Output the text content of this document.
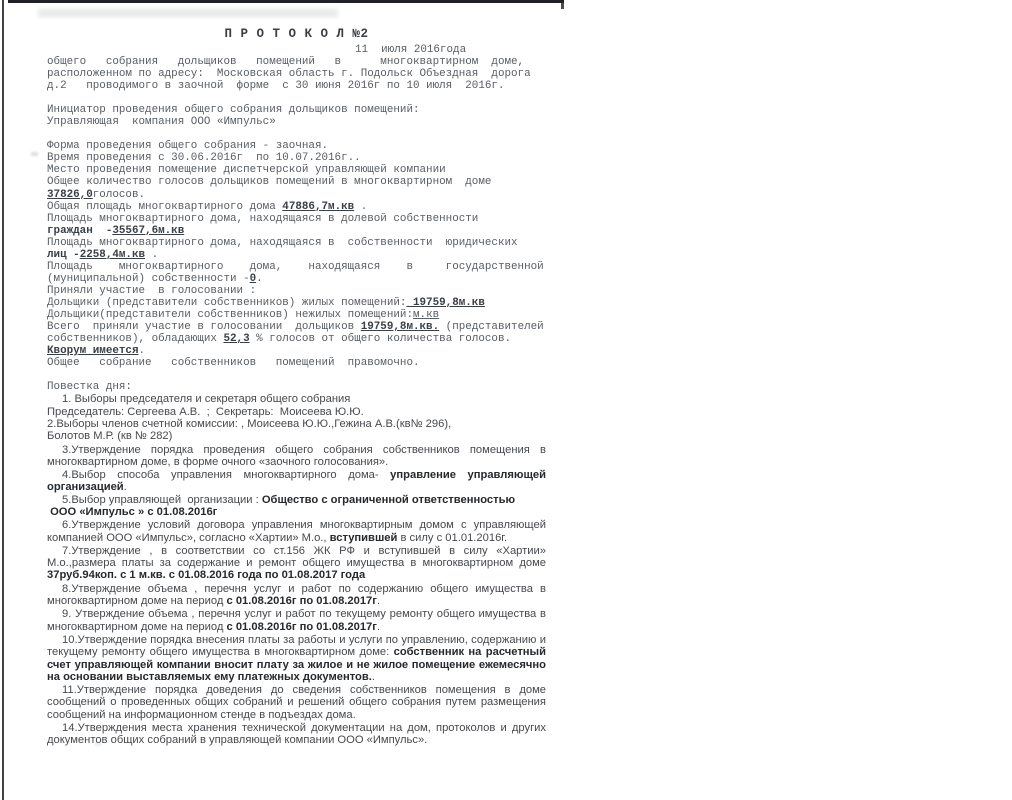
П Р О Т О К О Л №2
11  июля 2016года
общего   собрания   дольщиков   помещений   в      многоквартирном  доме,
расположенном по адресу:  Московская область г. Подольск Объездная  дорога
д.2   проводимого в заочной  форме  с 30 июня 2016г по 10 июля  2016г.
Инициатор проведения общего собрания дольщиков помещений:
Управляющая  компания ООО «Импульс»
Форма проведения общего собрания - заочная.
Время проведения с 30.06.2016г  по 10.07.2016г..
Место проведения помещение диспетчерской управляющей компании
Общее количество голосов дольщиков помещений в многоквартирном  доме
37826,0голосов.
Общая площадь многоквартирного дома 47886,7м.кв .
Площадь многоквартирного дома, находящаяся в долевой собственности
граждан  -35567,6м.кв
Площадь многоквартирного дома, находящаяся в  собственности  юридических
лиц -2258,4м.кв .
Площадь    многоквартирного    дома,    находящаяся    в     государственной
(муниципальной) собственности -0.
Приняли участие  в голосовании :
Дольщики (представители собственников) жилых помещений: 19759,8м.кв
Дольщики(представители собственников) нежилых помещений:м.кв
Всего  приняли участие в голосовании  дольщиков 19759,8м.кв. (представителей
собственников), обладающих 52,3 % голосов от общего количества голосов.
Кворум имеется.
Общее   собрание   собственников   помещений  правомочно.
Повестка дня:
1. Выборы председателя и секретаря общего собрания
Председатель: Сергеева А.В.  ;  Секретарь:  Моисеева Ю.Ю.
2.Выборы членов счетной комиссии: , Моисеева Ю.Ю.,Гежина А.В.(кв№ 296),
Болотов М.Р. (кв № 282)
3.Утверждение порядка проведения общего собрания собственников помещения в многоквартирном доме, в форме очного «заочного голосования».
4.Выбор способа управления многоквартирного дома- управление управляющей организацией.
5.Выбор управляющей  организации : Общество с ограниченной ответственностью
ООО «Импульс » с 01.08.2016г
6.Утверждение условий договора управления многоквартирным домом с управляющей компанией ООО «Импульс», согласно «Хартии» М.о., вступившей в силу с 01.01.2016г.
7.Утверждение , в соответствии со ст.156 ЖК РФ и вступившей в силу «Хартии» М.о.,размера платы за содержание и ремонт общего имущества в многоквартирном доме 37руб.94коп. с 1 м.кв. с 01.08.2016 года по 01.08.2017 года
8.Утверждение объема , перечня услуг и работ по содержанию общего имущества в многоквартирном доме на период с 01.08.2016г по 01.08.2017г.
9. Утверждение объема , перечня услуг и работ по текущему ремонту общего имущества в многоквартирном доме на период с 01.08.2016г по 01.08.2017г.
10.Утверждение порядка внесения платы за работы и услуги по управлению, содержанию и текущему ремонту общего имущества в многоквартирном доме: собственник на расчетный счет управляющей компании вносит плату за жилое и не жилое помещение ежемесячно на основании выставляемых ему платежных документов..
11.Утверждение порядка доведения до сведения собственников помещения в доме сообщений о проведенных общих собраний и решений общего собрания путем размещения сообщений на информационном стенде в подъездах дома.
14.Утверждения места хранения технической документации на дом, протоколов и других документов общих собраний в управляющей компании ООО «Импульс».
